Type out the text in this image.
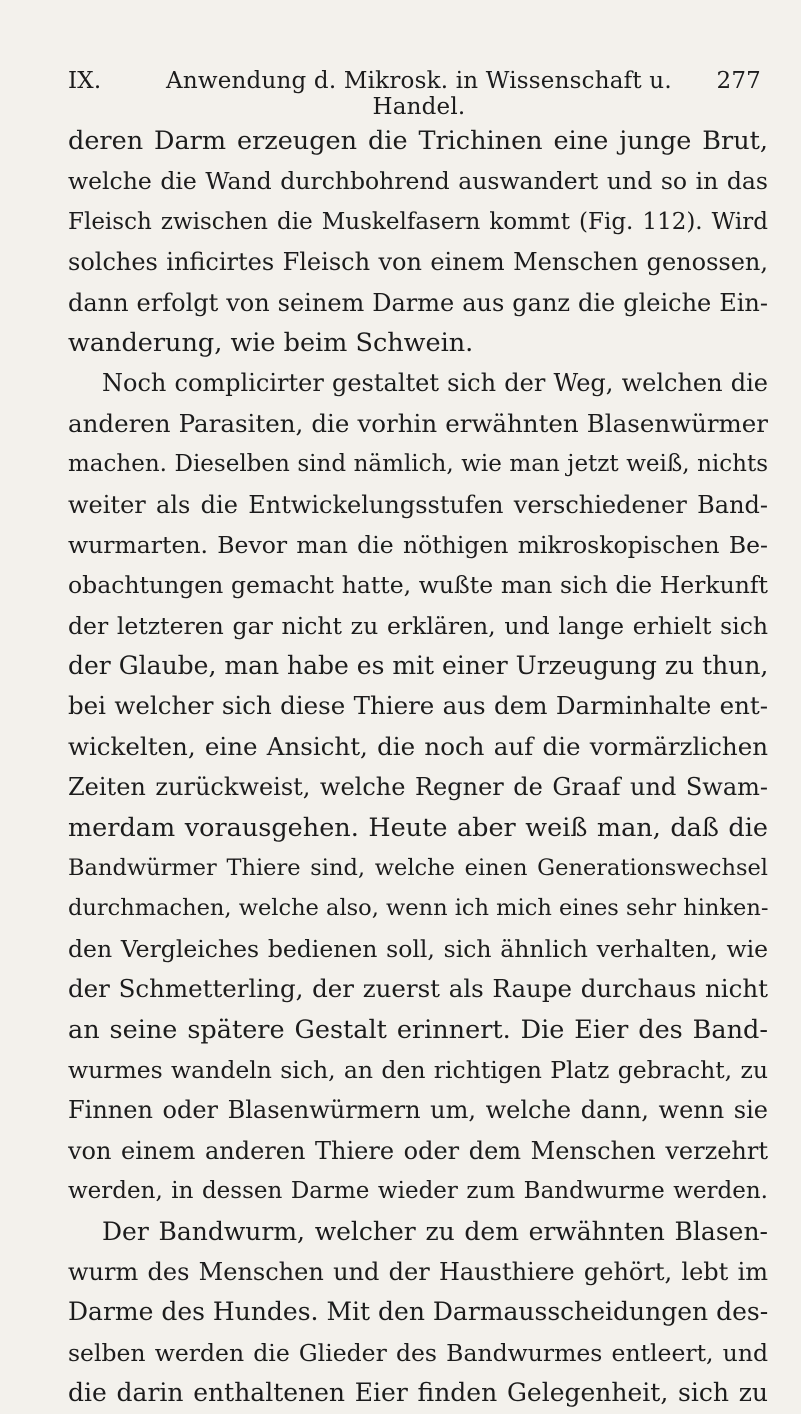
IX.	Anwendung d. Mikrosk. in Wissenschaft u. Handel.
277
deren Darm erzeugen die Trichinen eine junge Brut,
welche die Wand durchbohrend auswandert und so in das
Fleisch zwischen die Muskelfasern kommt (Fig. 112). Wird
solches inficirtes Fleisch von einem Menschen genossen,
dann erfolgt von seinem Darme aus ganz die gleiche Ein-
wanderung, wie beim Schwein.
Noch complicirter gestaltet sich der Weg, welchen die
anderen Parasiten, die vorhin erwähnten Blasenwürmer
machen. Dieselben sind nämlich, wie man jetzt weiß, nichts
weiter als die Entwickelungsstufen verschiedener Band-
wurmarten. Bevor man die nöthigen mikroskopischen Be-
obachtungen gemacht hatte, wußte man sich die Herkunft
der letzteren gar nicht zu erklären, und lange erhielt sich
der Glaube, man habe es mit einer Urzeugung zu thun,
bei welcher sich diese Thiere aus dem Darminhalte ent-
wickelten, eine Ansicht, die noch auf die vormärzlichen
Zeiten zurückweist, welche Regner de Graaf und Swam-
merdam vorausgehen. Heute aber weiß man, daß die
Bandwürmer Thiere sind, welche einen Generationswechsel
durchmachen, welche also, wenn ich mich eines sehr hinken-
den Vergleiches bedienen soll, sich ähnlich verhalten, wie
der Schmetterling, der zuerst als Raupe durchaus nicht
an seine spätere Gestalt erinnert. Die Eier des Band-
wurmes wandeln sich, an den richtigen Platz gebracht, zu
Finnen oder Blasenwürmern um, welche dann, wenn sie
von einem anderen Thiere oder dem Menschen verzehrt
werden, in dessen Darme wieder zum Bandwurme werden.
Der Bandwurm, welcher zu dem erwähnten Blasen-
wurm des Menschen und der Hausthiere gehört, lebt im
Darme des Hundes. Mit den Darmausscheidungen des-
selben werden die Glieder des Bandwurmes entleert, und
die darin enthaltenen Eier finden Gelegenheit, sich zu
